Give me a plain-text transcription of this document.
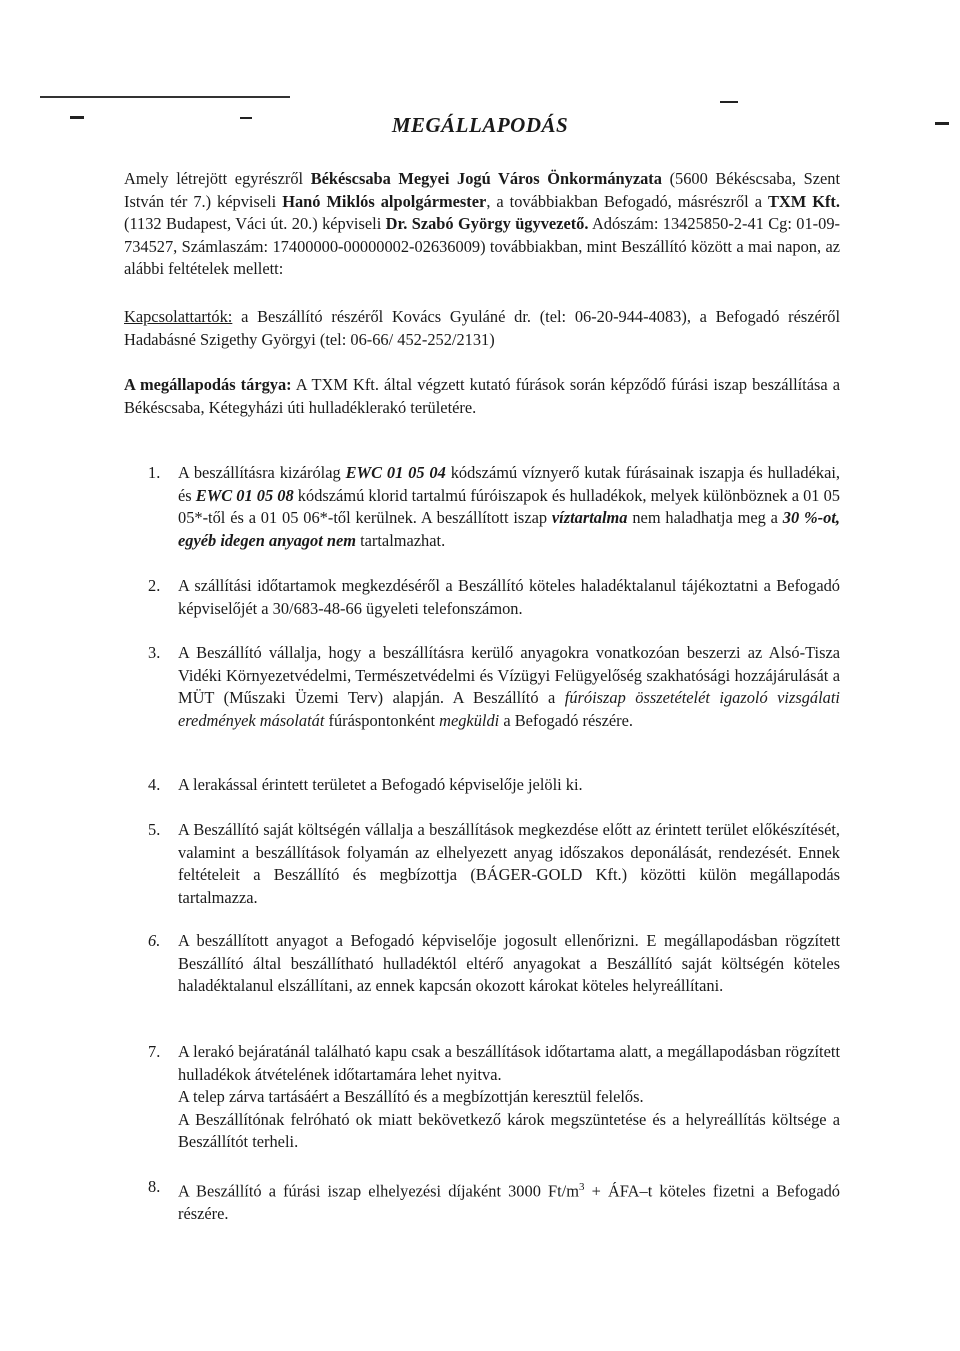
MEGÁLLAPODÁS
Amely létrejött egyrészről Békéscsaba Megyei Jogú Város Önkormányzata (5600 Békéscsaba, Szent István tér 7.) képviseli Hanó Miklós alpolgármester, a továbbiakban Befogadó, másrészről a TXM Kft. (1132 Budapest, Váci út. 20.) képviseli Dr. Szabó György ügyvezető. Adószám: 13425850-2-41 Cg: 01-09-734527, Számlaszám: 17400000-00000002-02636009) továbbiakban, mint Beszállító között a mai napon, az alábbi feltételek mellett:
Kapcsolattartók: a Beszállító részéről Kovács Gyuláné dr. (tel: 06-20-944-4083), a Befogadó részéről Hadabásné Szigethy Györgyi (tel: 06-66/ 452-252/2131)
A megállapodás tárgya: A TXM Kft. által végzett kutató fúrások során képződő fúrási iszap beszállítása a Békéscsaba, Kétegyházi úti hulladéklerakó területére.
1. A beszállításra kizárólag EWC 01 05 04 kódszámú víznyerő kutak fúrásainak iszapja és hulladékai, és EWC 01 05 08 kódszámú klorid tartalmú fúróiszapok és hulladékok, melyek különböznek a 01 05 05*-től és a 01 05 06*-től kerülnek. A beszállított iszap víztartalma nem haladhatja meg a 30 %-ot, egyéb idegen anyagot nem tartalmazhat.
2. A szállítási időtartamok megkezdéséről a Beszállító köteles haladéktalanul tájékoztatni a Befogadó képviselőjét a 30/683-48-66 ügyeleti telefonszámon.
3. A Beszállító vállalja, hogy a beszállításra kerülő anyagokra vonatkozóan beszerzi az Alsó-Tisza Vidéki Környezetvédelmi, Természetvédelmi és Vízügyi Felügyelőség szakhatósági hozzájárulását a MÜT (Műszaki Üzemi Terv) alapján. A Beszállító a fúróiszap összetételét igazoló vizsgálati eredmények másolatát fúráspontonként megküldi a Befogadó részére.
4. A lerakással érintett területet a Befogadó képviselője jelöli ki.
5. A Beszállító saját költségén vállalja a beszállítások megkezdése előtt az érintett terület előkészítését, valamint a beszállítások folyamán az elhelyezett anyag időszakos deponálását, rendezését. Ennek feltételeit a Beszállító és megbízottja (BÁGER-GOLD Kft.) közötti külön megállapodás tartalmazza.
6. A beszállított anyagot a Befogadó képviselője jogosult ellenőrizni. E megállapodásban rögzített Beszállító által beszállítható hulladéktól eltérő anyagokat a Beszállító saját költségén köteles haladéktalanul elszállítani, az ennek kapcsán okozott károkat köteles helyreállítani.
7. A lerakó bejáratánál található kapu csak a beszállítások időtartama alatt, a megállapodásban rögzített hulladékok átvételének időtartamára lehet nyitva.
A telep zárva tartásáért a Beszállító és a megbízottján keresztül felelős.
A Beszállítónak felróható ok miatt bekövetkező károk megszüntetése és a helyreállítás költsége a Beszállítót terheli.
8. A Beszállító a fúrási iszap elhelyezési díjaként 3000 $Ft/m^3$ + ÁFA–t köteles fizetni a Befogadó részére.
